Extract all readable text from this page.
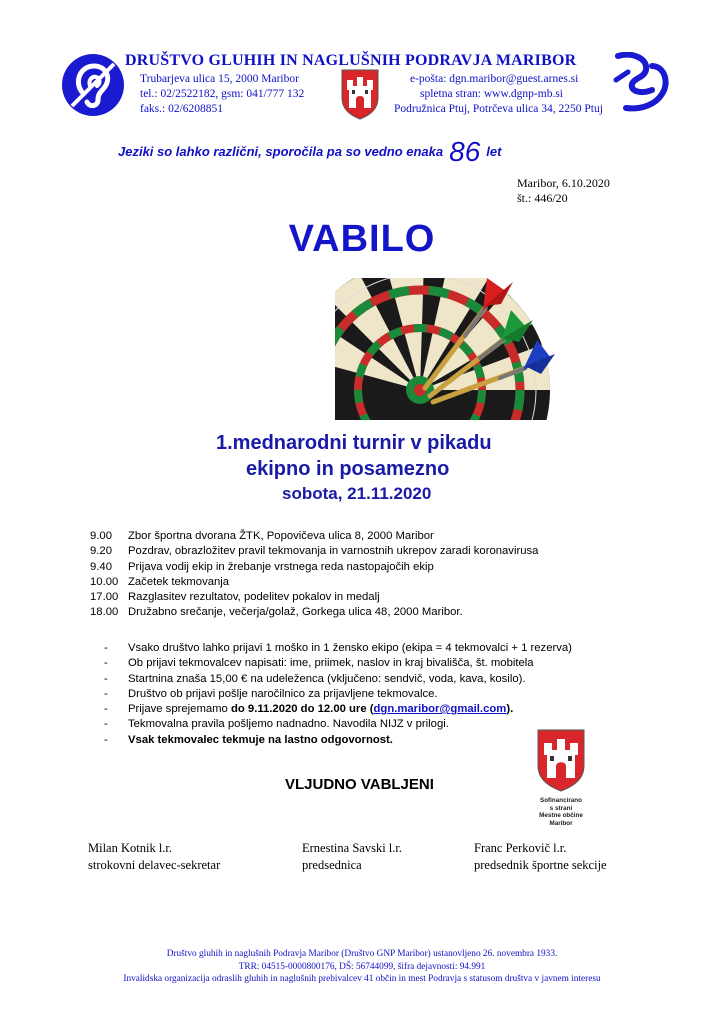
DRUŠTVO GLUHIH IN NAGLUŠNIH PODRAVJA MARIBOR
Trubarjeva ulica 15, 2000 Maribor
tel.: 02/2522182, gsm: 041/777 132
faks.: 02/6208851
e-pošta: dgn.maribor@guest.arnes.si
spletna stran: www.dgnp-mb.si
Podružnica Ptuj, Potrčeva ulica 34, 2250 Ptuj
Jeziki so lahko različni, sporočila pa so vedno enaka 86 let
Maribor, 6.10.2020
št.: 446/20
VABILO
1.mednarodni turnir v pikadu
ekipno in posamezno
sobota, 21.11.2020
9.00	Zbor športna dvorana ŽTK, Popovičeva ulica 8, 2000 Maribor
9.20	Pozdrav, obrazložitev pravil tekmovanja in varnostnih ukrepov zaradi koronavirusa
9.40	Prijava vodij ekip in žrebanje vrstnega reda nastopajočih ekip
10.00 Začetek tekmovanja
17.00 Razglasitev rezultatov, podelitev pokalov in medalj
18.00 Družabno srečanje, večerja/golaž, Gorkega ulica 48, 2000 Maribor.
-	Vsako društvo lahko prijavi 1 moško in 1 žensko ekipo (ekipa = 4 tekmovalci + 1 rezerva)
-	Ob prijavi tekmovalcev napisati: ime, priimek, naslov in kraj bivališča, št. mobitela
-	Startnina znaša 15,00 € na udeleženca (vključeno: sendvič, voda, kava, kosilo).
-	Društvo ob prijavi pošlje naročilnico za prijavljene tekmovalce.
-	Prijave sprejemamo do 9.11.2020 do 12.00 ure (dgn.maribor@gmail.com).
-	Tekmovalna pravila pošljemo nadnadno. Navodila NIJZ v prilogi.
-	Vsak tekmovalec tekmuje na lastno odgovornost.
Sofinancirano
s strani
Mestne občine
Maribor
VLJUDNO VABLJENI
Milan Kotnik l.r.
strokovni delavec-sekretar
Ernestina Savski l.r.
predsednica
Franc Perkovič l.r.
predsednik športne sekcije
Društvo gluhih in naglušnih Podravja Maribor (Društvo GNP Maribor) ustanovljeno 26. novembra 1933.
TRR: 04515-0000800176, DŠ: 56744099, šifra dejavnosti: 94.991
Invalidska organizacija odraslih gluhih in naglušnih prebivalcev 41 občin in mest Podravja s statusom društva v javnem interesu
